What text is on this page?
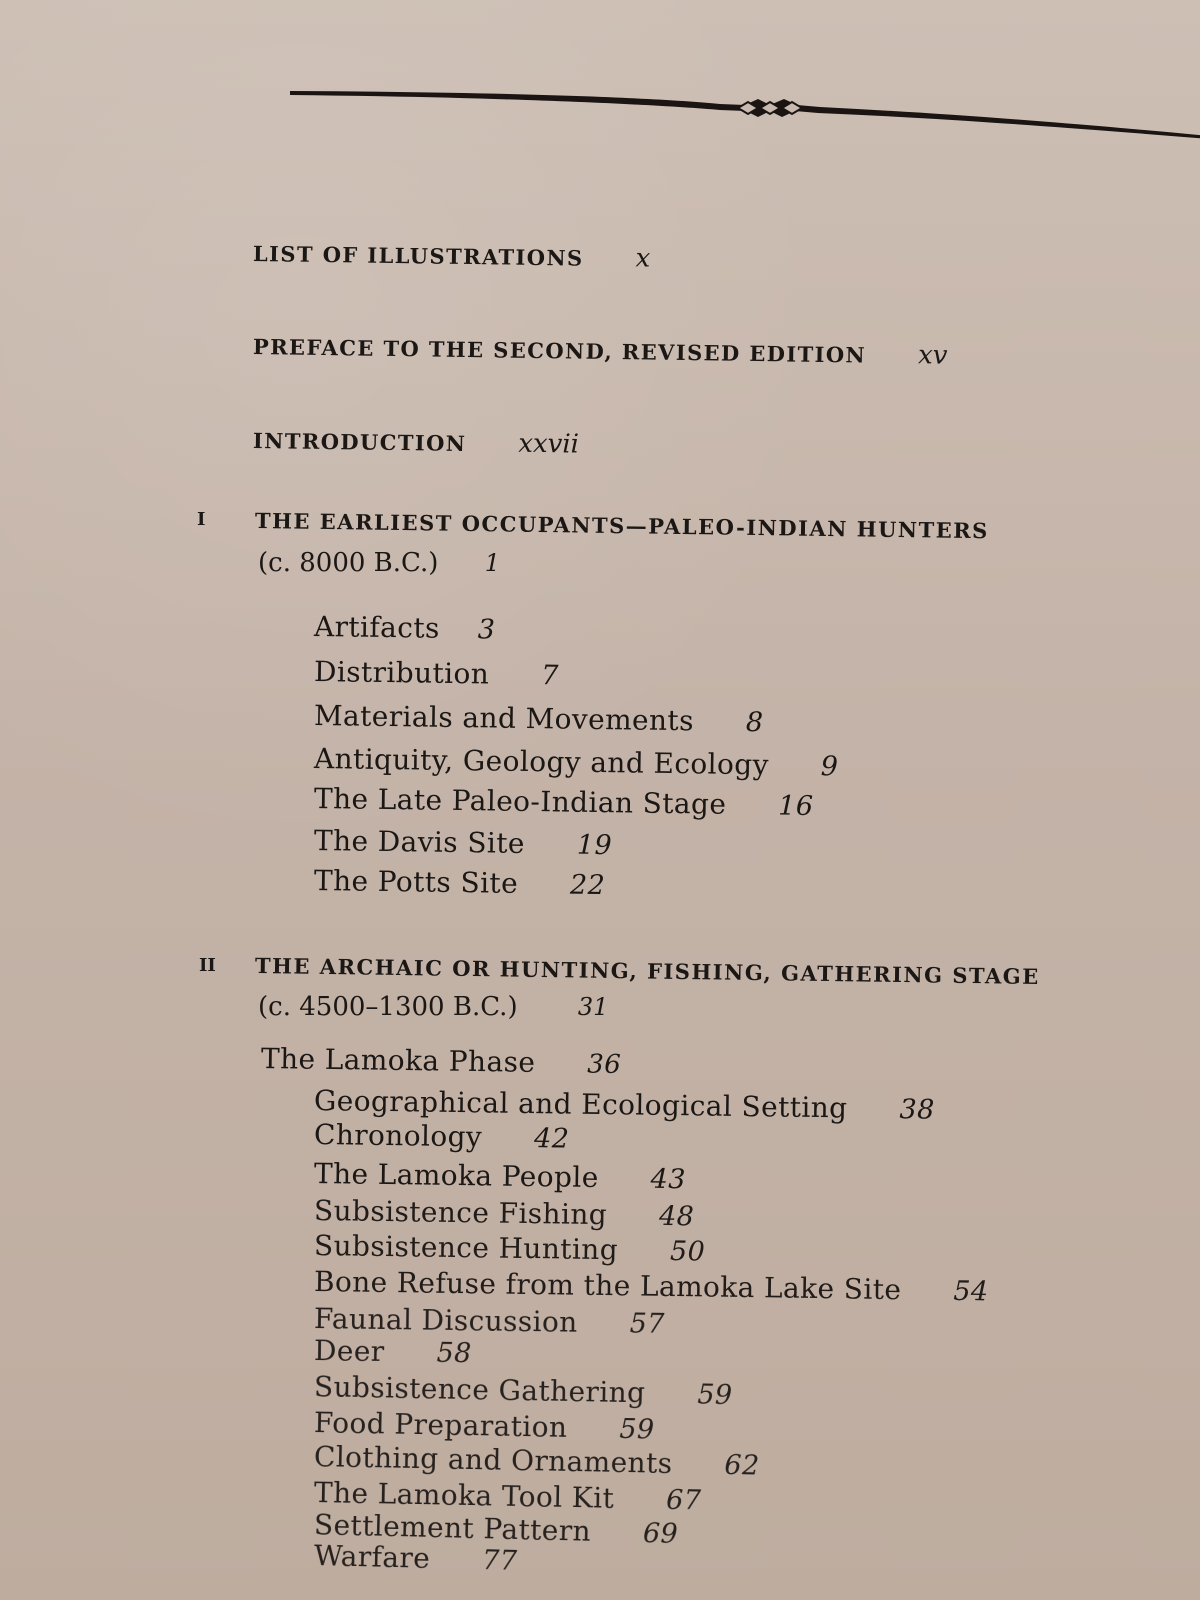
LIST OF ILLUSTRATIONS x
PREFACE TO THE SECOND, REVISED EDITION xv
INTRODUCTION xxvii
I THE EARLIEST OCCUPANTS—PALEO-INDIAN HUNTERS
(c. 8000 B.C.) 1
Artifacts 3
Distribution 7
Materials and Movements 8
Antiquity, Geology and Ecology 9
The Late Paleo-Indian Stage 16
The Davis Site 19
The Potts Site 22
II THE ARCHAIC OR HUNTING, FISHING, GATHERING STAGE
(c. 4500–1300 B.C.)	31
The Lamoka Phase 36
Geographical and Ecological Setting 38
Chronology 42
The Lamoka People 43
Subsistence Fishing 48
Subsistence Hunting 50
Bone Refuse from the Lamoka Lake Site 54
Faunal Discussion 57
Deer 58
Subsistence Gathering 59
Food Preparation 59
Clothing and Ornaments 62
The Lamoka Tool Kit 67
Settlement Pattern 69
Warfare 77
